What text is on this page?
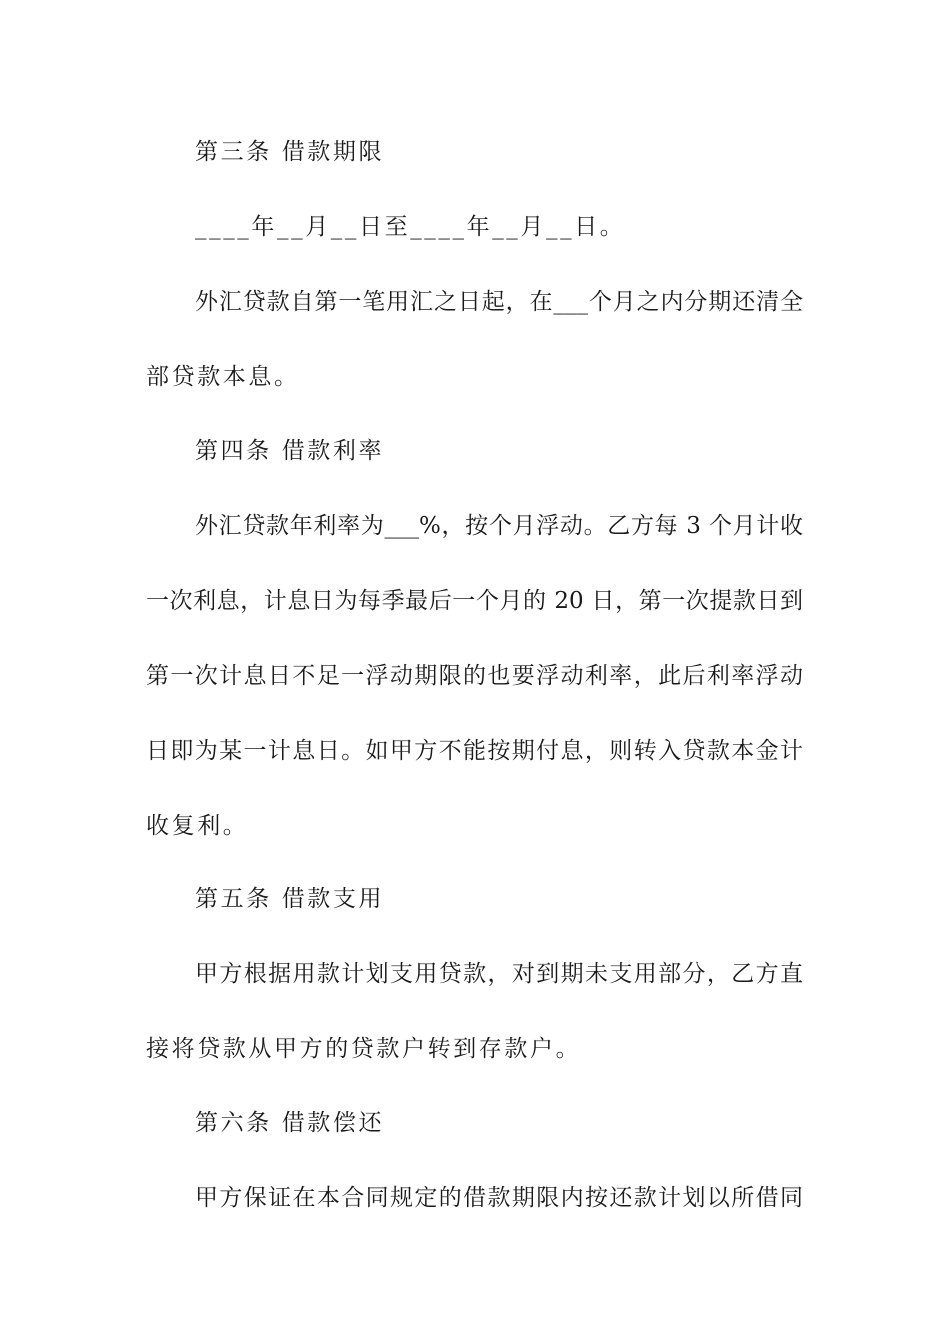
第三条 借款期限
____年__月__日至____年__月__日。
外汇贷款自第一笔用汇之日起，在___个月之内分期还清全
部贷款本息。
第四条 借款利率
外汇贷款年利率为___%，按个月浮动。乙方每 3 个月计收
一次利息，计息日为每季最后一个月的 20 日，第一次提款日到
第一次计息日不足一浮动期限的也要浮动利率，此后利率浮动
日即为某一计息日。如甲方不能按期付息，则转入贷款本金计
收复利。
第五条 借款支用
甲方根据用款计划支用贷款，对到期未支用部分，乙方直
接将贷款从甲方的贷款户转到存款户。
第六条 借款偿还
甲方保证在本合同规定的借款期限内按还款计划以所借同
